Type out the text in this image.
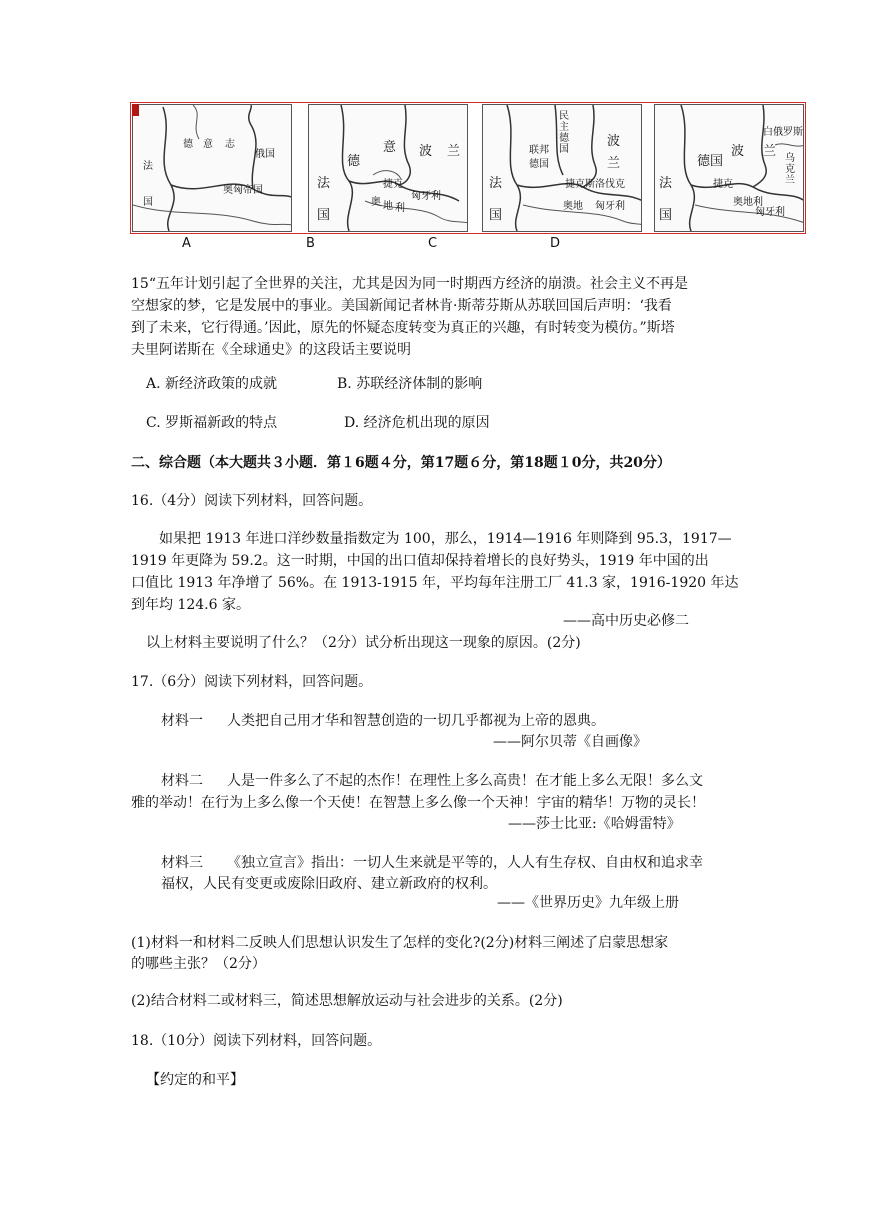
德 意 志
俄国
法
国
奥匈帝国
德
意 波 兰
法
国
捷克
奥 地 利
匈牙利
民主德国
波
联邦
德国	兰
法
国
捷克斯洛伐克
奥地 匈牙利
白俄罗斯
德国
波 兰 乌克兰
法
国
捷克
奥地利
匈牙利
A	B	C	D
15“五年计划引起了全世界的关注，尤其是因为同一时期西方经济的崩溃。社会主义不再是
空想家的梦，它是发展中的事业。美国新闻记者林肯·斯蒂芬斯从苏联回国后声明：‘我看
到了未来，它行得通。’因此，原先的怀疑态度转变为真正的兴趣，有时转变为模仿。”斯塔
夫里阿诺斯在《全球通史》的这段话主要说明
A. 新经济政策的成就	B. 苏联经济体制的影响
C. 罗斯福新政的特点	D. 经济危机出现的原因
二、综合题（本大题共３小题．第１6题４分，第17题６分，第18题１0分，共20分）
16.（4分）阅读下列材料，回答问题。
如果把 1913 年进口洋纱数量指数定为 100，那么，1914—1916 年则降到 95.3，1917—
1919 年更降为 59.2。这一时期，中国的出口值却保持着增长的良好势头，1919 年中国的出
口值比 1913 年净增了 56%。在 1913-1915 年，平均每年注册工厂 41.3 家，1916-1920 年达
到年均 124.6 家。
——高中历史必修二
以上材料主要说明了什么？（2分）试分析出现这一现象的原因。(2分)
17.（6分）阅读下列材料，回答问题。
材料一 人类把自己用才华和智慧创造的一切几乎都视为上帝的恩典。
——阿尔贝蒂《自画像》
材料二 人是一件多么了不起的杰作！在理性上多么高贵！在才能上多么无限！多么文
雅的举动！在行为上多么像一个天使！在智慧上多么像一个天神！宇宙的精华！万物的灵长！
——莎士比亚:《哈姆雷特》
材料三 《独立宣言》指出：一切人生来就是平等的，人人有生存权、自由权和追求幸
福权，人民有变更或废除旧政府、建立新政府的权利。
——《世界历史》九年级上册
(1)材料一和材料二反映人们思想认识发生了怎样的变化?(2分)材料三阐述了启蒙思想家
的哪些主张？（2分）
(2)结合材料二或材料三，简述思想解放运动与社会进步的关系。(2分)
18.（10分）阅读下列材料，回答问题。
【约定的和平】
